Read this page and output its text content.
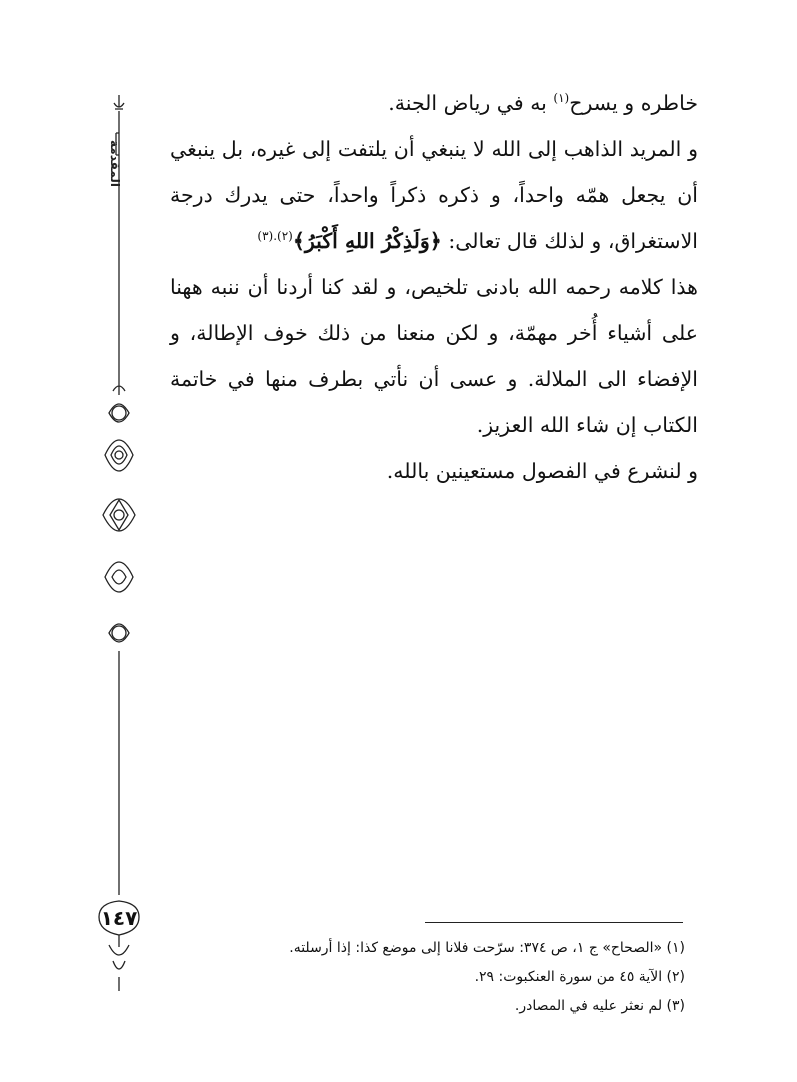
المقدمة
١٤٧

خاطره و يسرح$^{(١)}$ به في رياض الجنة.

و المريد الذاهب إلى الله لا ينبغي أن يلتفت إلى غيره، بل ينبغي أن يجعل همّه واحداً، و ذكره ذكراً واحداً، حتى يدرك درجة الاستغراق، و لذلك قال تعالى: ﴿وَلَذِكْرُ اللهِ أَكْبَرُ﴾$^{(٢).(٣)}$

هذا كلامه رحمه الله بادنى تلخيص، و لقد كنا أردنا أن ننبه ههنا على أشياء أُخر مهمّة، و لكن منعنا من ذلك خوف الإطالة، و الإفضاء الى الملالة. و عسى أن نأتي بطرف منها في خاتمة الكتاب إن شاء الله العزيز.

و لنشرع في الفصول مستعينين بالله.

(١) «الصحاح» ج ١، ص ٣٧٤: سرّحت فلانا إلى موضع كذا: إذا أرسلته.

(٢) الآية ٤٥ من سورة العنكبوت: ٢٩.

(٣) لم نعثر عليه في المصادر.
